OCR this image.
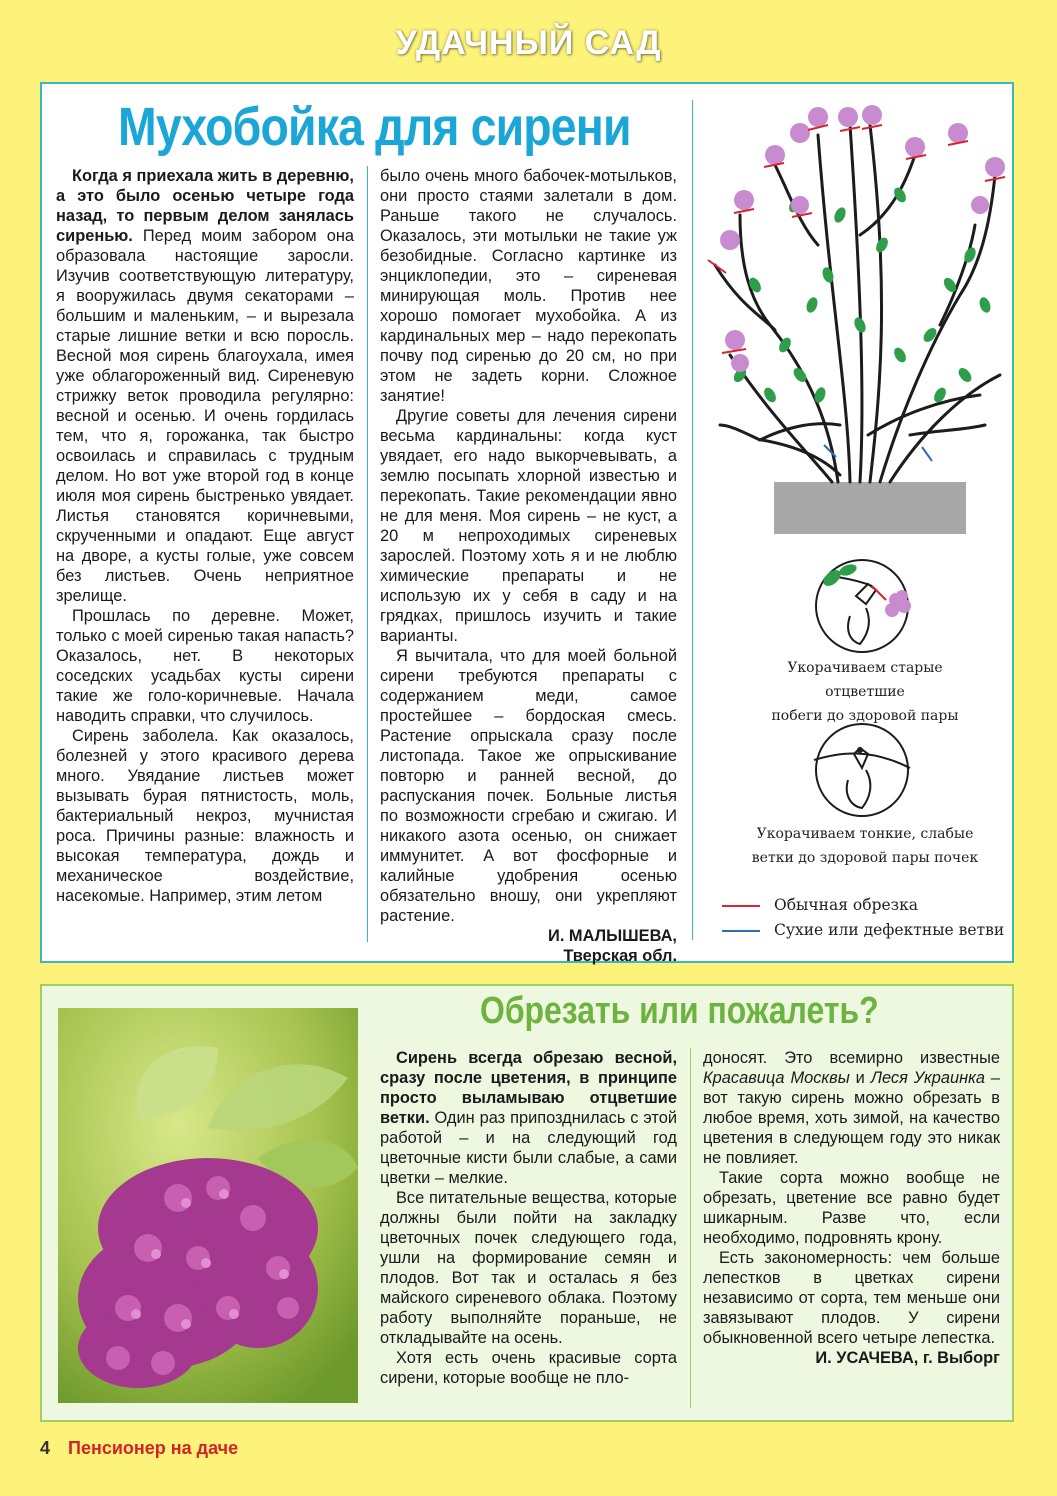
УДАЧНЫЙ САД
Мухобойка для сирени

Когда я приехала жить в деревню, а это было осенью четыре года назад, то первым делом занялась сиренью. Перед моим забором она образовала настоящие заросли. Изучив соответствующую литературу, я вооружилась двумя секаторами – большим и маленьким, – и вырезала старые лишние ветки и всю поросль. Весной моя сирень благоухала, имея уже облагороженный вид. Сиреневую стрижку веток проводила регулярно: весной и осенью. И очень гордилась тем, что я, горожанка, так быстро освоилась и справилась с трудным делом. Но вот уже второй год в конце июля моя сирень быстренько увядает. Листья становятся коричневыми, скрученными и опадают. Еще август на дворе, а кусты голые, уже совсем без листьев. Очень неприятное зрелище.

Прошлась по деревне. Может, только с моей сиренью такая напасть? Оказалось, нет. В некоторых соседских усадьбах кусты сирени такие же голо-коричневые. Начала наводить справки, что случилось.

Сирень заболела. Как оказалось, болезней у этого красивого дерева много. Увядание листьев может вызывать бурая пятнистость, моль, бактериальный некроз, мучнистая роса. Причины разные: влажность и высокая температура, дождь и механическое воздействие, насекомые. Например, этим летом

было очень много бабочек-мотыльков, они просто стаями залетали в дом. Раньше такого не случалось. Оказалось, эти мотыльки не такие уж безобидные. Согласно картинке из энциклопедии, это – сиреневая минирующая моль. Против нее хорошо помогает мухобойка. А из кардинальных мер – надо перекопать почву под сиренью до 20 см, но при этом не задеть корни. Сложное занятие!

Другие советы для лечения сирени весьма кардинальны: когда куст увядает, его надо выкорчевывать, а землю посыпать хлорной известью и перекопать. Такие рекомендации явно не для меня. Моя сирень – не куст, а 20 м непроходимых сиреневых зарослей. Поэтому хоть я и не люблю химические препараты и не использую их у себя в саду и на грядках, пришлось изучить и такие варианты.

Я вычитала, что для моей больной сирени требуются препараты с содержанием меди, самое простейшее – бордоская смесь. Растение опрыскала сразу после листопада. Такое же опрыскивание повторю и ранней весной, до распускания почек. Больные листья по возможности сгребаю и сжигаю. И никакого азота осенью, он снижает иммунитет. А вот фосфорные и калийные удобрения осенью обязательно вношу, они укрепляют растение.

И. МАЛЫШЕВА,

Тверская обл.

Укорачиваем старые отцветшие
побеги до здоровой пары
Укорачиваем тонкие, слабые
ветки до здоровой пары почек
Обычная обрезка
Сухие или дефектные ветви
Обрезать или пожалеть?

Сирень всегда обрезаю весной, сразу после цветения, в принципе просто выламываю отцветшие ветки. Один раз припозднилась с этой работой – и на следующий год цветочные кисти были слабые, а сами цветки – мелкие.

Все питательные вещества, которые должны были пойти на закладку цветочных почек следующего года, ушли на формирование семян и плодов. Вот так и осталась я без майского сиреневого облака. Поэтому работу выполняйте пораньше, не откладывайте на осень.

Хотя есть очень красивые сорта сирени, которые вообще не пло-

доносят. Это всемирно известные Красавица Москвы и Леся Украинка – вот такую сирень можно обрезать в любое время, хоть зимой, на качество цветения в следующем году это никак не повлияет.

Такие сорта можно вообще не обрезать, цветение все равно будет шикарным. Разве что, если необходимо, подровнять крону.

Есть закономерность: чем больше лепестков в цветках сирени независимо от сорта, тем меньше они завязывают плодов. У сирени обыкновенной всего четыре лепестка.

И. УСАЧЕВА, г. Выборг

4 Пенсионер на даче
